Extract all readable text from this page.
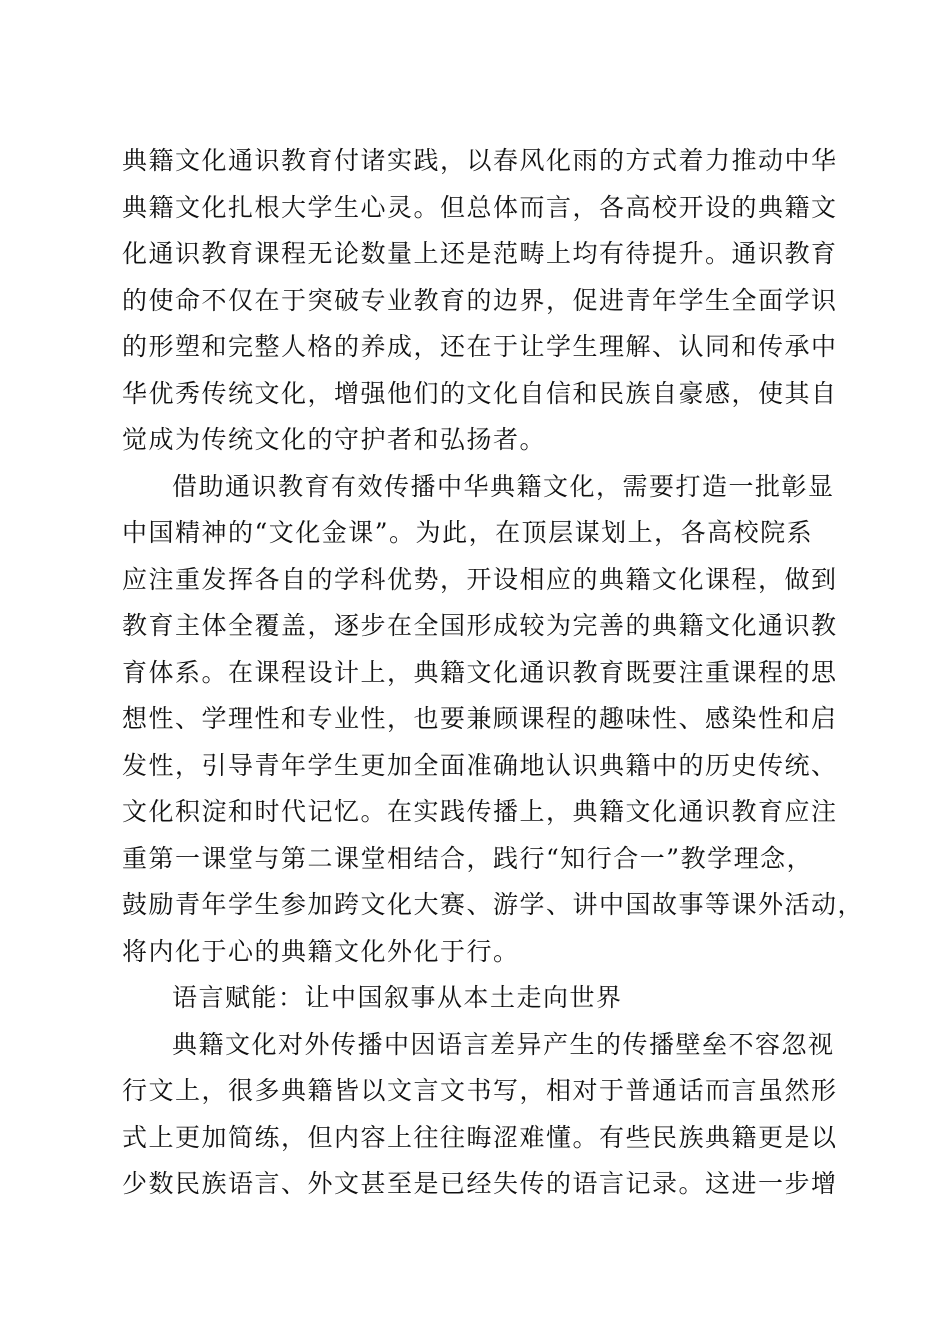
典籍文化通识教育付诸实践，以春风化雨的方式着力推动中华
典籍文化扎根大学生心灵。但总体而言，各高校开设的典籍文
化通识教育课程无论数量上还是范畴上均有待提升。通识教育
的使命不仅在于突破专业教育的边界，促进青年学生全面学识
的形塑和完整人格的养成，还在于让学生理解、认同和传承中
华优秀传统文化，增强他们的文化自信和民族自豪感，使其自
觉成为传统文化的守护者和弘扬者。
借助通识教育有效传播中华典籍文化，需要打造一批彰显
中国精神的“文化金课”。为此，在顶层谋划上，各高校院系
应注重发挥各自的学科优势，开设相应的典籍文化课程，做到
教育主体全覆盖，逐步在全国形成较为完善的典籍文化通识教
育体系。在课程设计上，典籍文化通识教育既要注重课程的思
想性、学理性和专业性，也要兼顾课程的趣味性、感染性和启
发性，引导青年学生更加全面准确地认识典籍中的历史传统、
文化积淀和时代记忆。在实践传播上，典籍文化通识教育应注
重第一课堂与第二课堂相结合，践行“知行合一”教学理念，
鼓励青年学生参加跨文化大赛、游学、讲中国故事等课外活动，
将内化于心的典籍文化外化于行。
语言赋能：让中国叙事从本土走向世界
典籍文化对外传播中因语言差异产生的传播壁垒不容忽视
行文上，很多典籍皆以文言文书写，相对于普通话而言虽然形
式上更加简练，但内容上往往晦涩难懂。有些民族典籍更是以
少数民族语言、外文甚至是已经失传的语言记录。这进一步增
